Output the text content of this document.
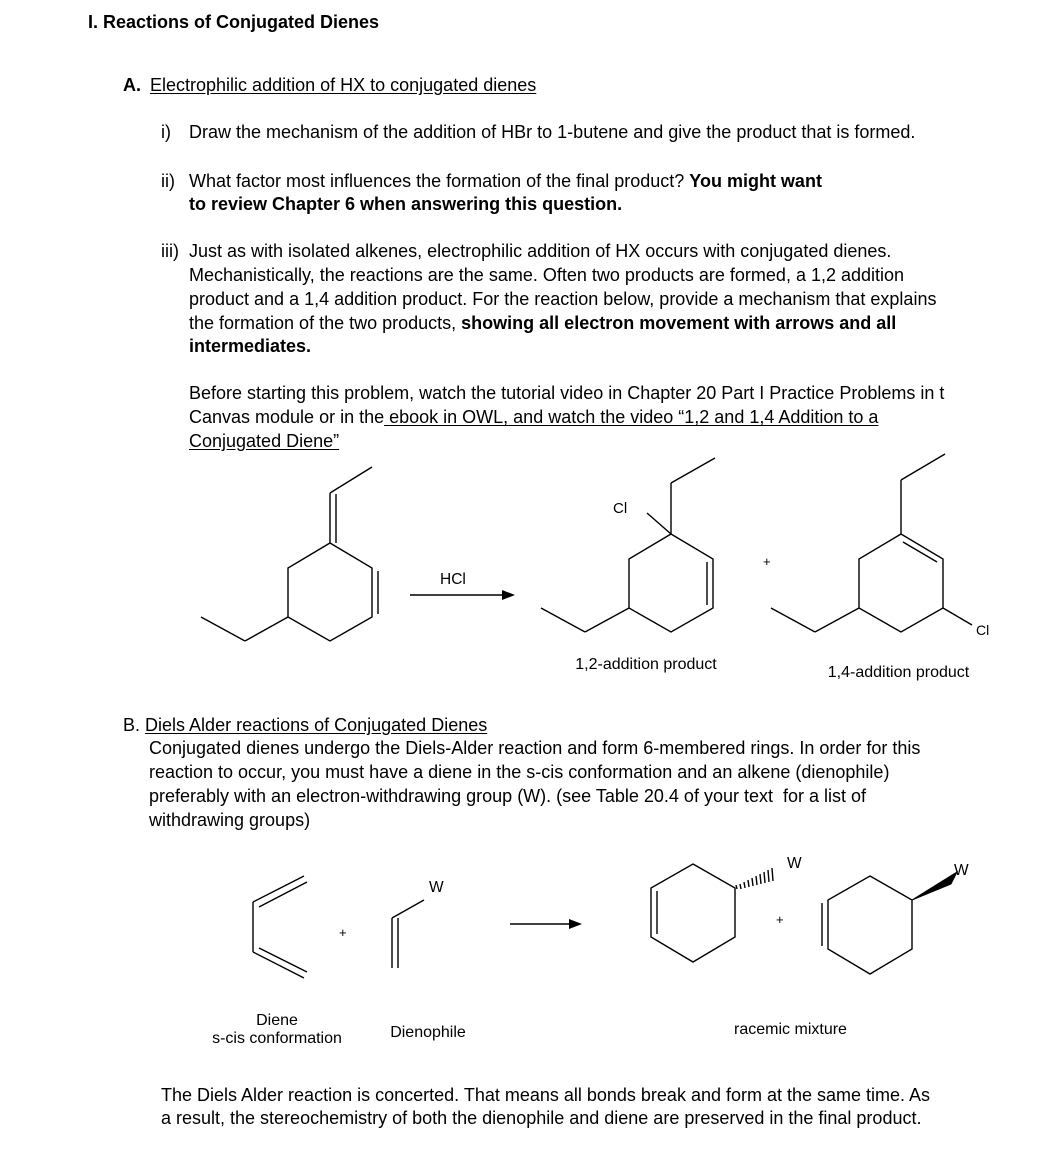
I. Reactions of Conjugated Dienes
A. Electrophilic addition of HX to conjugated dienes
i) Draw the mechanism of the addition of HBr to 1-butene and give the product that is formed.
ii) What factor most influences the formation of the final product? You might want
to review Chapter 6 when answering this question.
iii) Just as with isolated alkenes, electrophilic addition of HX occurs with conjugated dienes.
Mechanistically, the reactions are the same. Often two products are formed, a 1,2 addition
product and a 1,4 addition product. For the reaction below, provide a mechanism that explains
the formation of the two products, showing all electron movement with arrows and all
intermediates.
Before starting this problem, watch the tutorial video in Chapter 20 Part I Practice Problems in t
Canvas module or in the ebook in OWL, and watch the video “1,2 and 1,4 Addition to a
Conjugated Diene”
HCl
Cl
+
Cl
1,2-addition product	1,4-addition product
B. Diels Alder reactions of Conjugated Dienes
Conjugated dienes undergo the Diels-Alder reaction and form 6-membered rings. In order for this
reaction to occur, you must have a diene in the s-cis conformation and an alkene (dienophile)
preferably with an electron-withdrawing group (W). (see Table 20.4 of your text  for a list of
withdrawing groups)
+
W
W
+
W
Diene
s-cis conformation	Dienophile	racemic mixture
The Diels Alder reaction is concerted. That means all bonds break and form at the same time. As
a result, the stereochemistry of both the dienophile and diene are preserved in the final product.
